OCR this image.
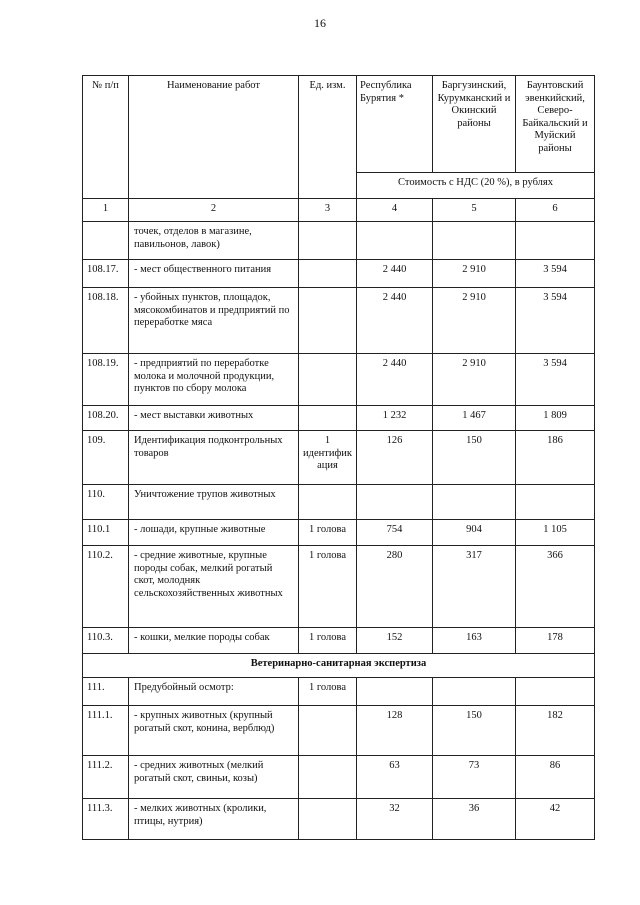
16
№ п/п	Наименование работ	Ед. изм.	Республика Бурятия *	Баргузинский, Курумканский и Окинский районы	Баунтовский эвенкийский, Северо-Байкальский и Муйский районы
			Стоимость с НДС (20 %), в рублях		
1	2	3	4	5	6
	точек, отделов в магазине, павильонов, лавок)				
108.17.	- мест общественного питания		2 440	2 910	3 594
108.18.	- убойных пунктов, площадок, мясокомбинатов и предприятий по переработке мяса		2 440	2 910	3 594
108.19.	- предприятий по переработке молока и молочной продукции, пунктов по сбору молока		2 440	2 910	3 594
108.20.	- мест выставки животных		1 232	1 467	1 809
109.	Идентификация подконтрольных товаров	1 идентификация	126	150	186
110.	Уничтожение трупов животных				
110.1	- лошади, крупные животные	1 голова	754	904	1 105
110.2.	- средние животные, крупные породы собак, мелкий рогатый скот, молодняк сельскохозяйственных животных	1 голова	280	317	366
110.3.	- кошки, мелкие породы собак	1 голова	152	163	178
Ветеринарно-санитарная экспертиза					
111.	Предубойный осмотр:	1 голова			
111.1.	- крупных животных (крупный рогатый скот, конина, верблюд)		128	150	182
111.2.	- средних животных (мелкий рогатый скот, свиньи, козы)		63	73	86
111.3.	- мелких животных (кролики, птицы, нутрия)		32	36	42
